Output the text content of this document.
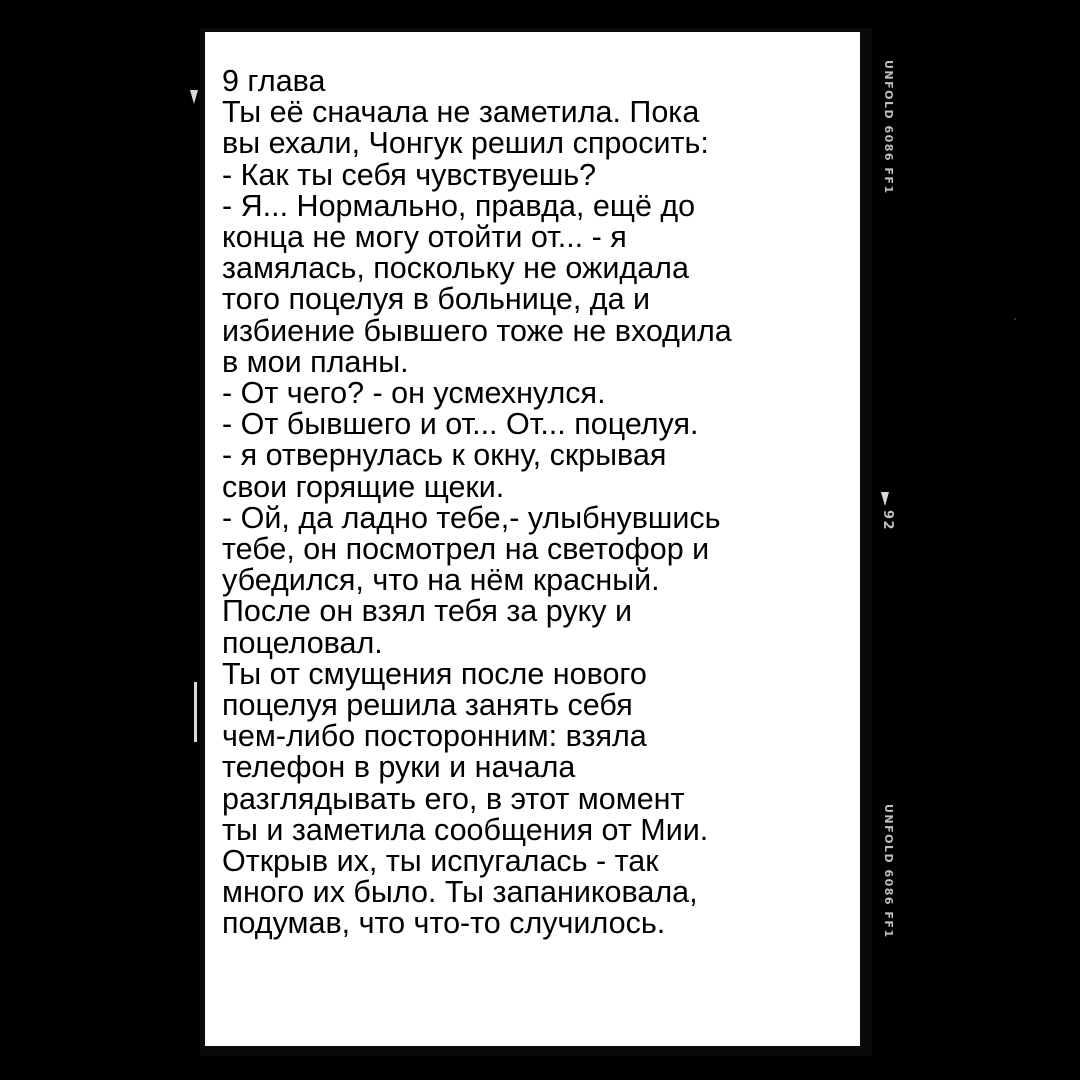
9 глава
Ты её сначала не заметила. Пока
вы ехали, Чонгук решил спросить:
- Как ты себя чувствуешь?
- Я... Нормально, правда, ещё до
конца не могу отойти от... - я
замялась, поскольку не ожидала
того поцелуя в больнице, да и
избиение бывшего тоже не входила
в мои планы.
- От чего? - он усмехнулся.
- От бывшего и от... От... поцелуя.
- я отвернулась к окну, скрывая
свои горящие щеки.
- Ой, да ладно тебе,- улыбнувшись
тебе, он посмотрел на светофор и
убедился, что на нём красный.
После он взял тебя за руку и
поцеловал.
Ты от смущения после нового
поцелуя решила занять себя
чем-либо посторонним: взяла
телефон в руки и начала
разглядывать его, в этот момент
ты и заметила сообщения от Мии.
Открыв их, ты испугалась - так
много их было. Ты запаниковала,
подумав, что что-то случилось.
UNFOLD 6086 FF1
92
UNFOLD 6086 FF1
